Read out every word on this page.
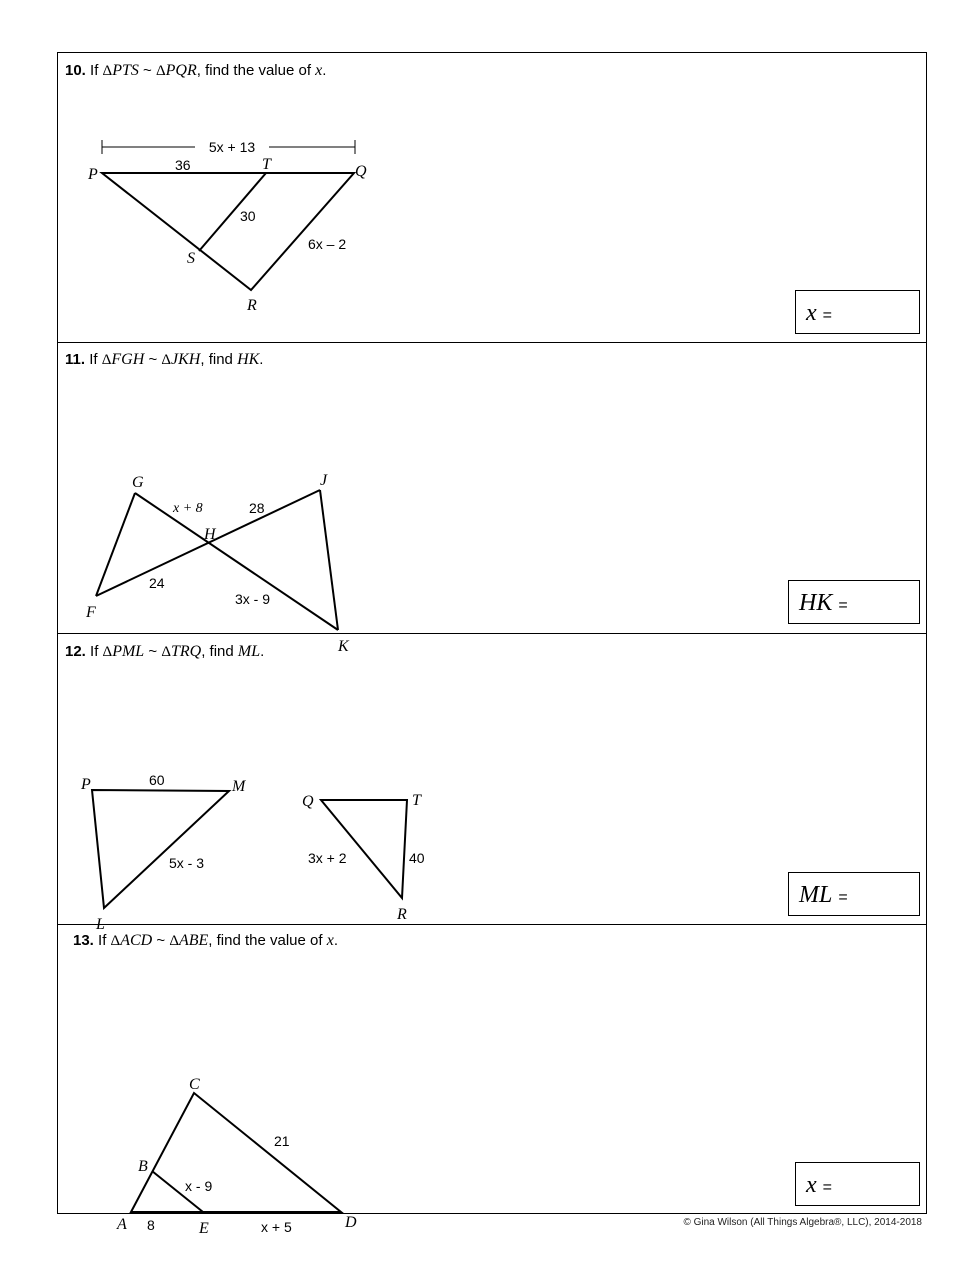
10. If ΔPTS ~ ΔPQR, find the value of x.
5x + 13
P
T	Q
S
R
36
30
6x – 2
x =
11. If ΔFGH ~ ΔJKH, find HK.
G	J
H
F
K
x + 8	28
24
3x - 9	HK =
12. If ΔPML ~ ΔTRQ, find ML.
P	M
L
Q	T
R
60
5x - 3	3x + 2	40
ML =
13. If ΔACD ~ ΔABE, find the value of x.
C
B
A	E	D
21
x - 9
8	x + 5
x =
© Gina Wilson (All Things Algebra®, LLC), 2014-2018
